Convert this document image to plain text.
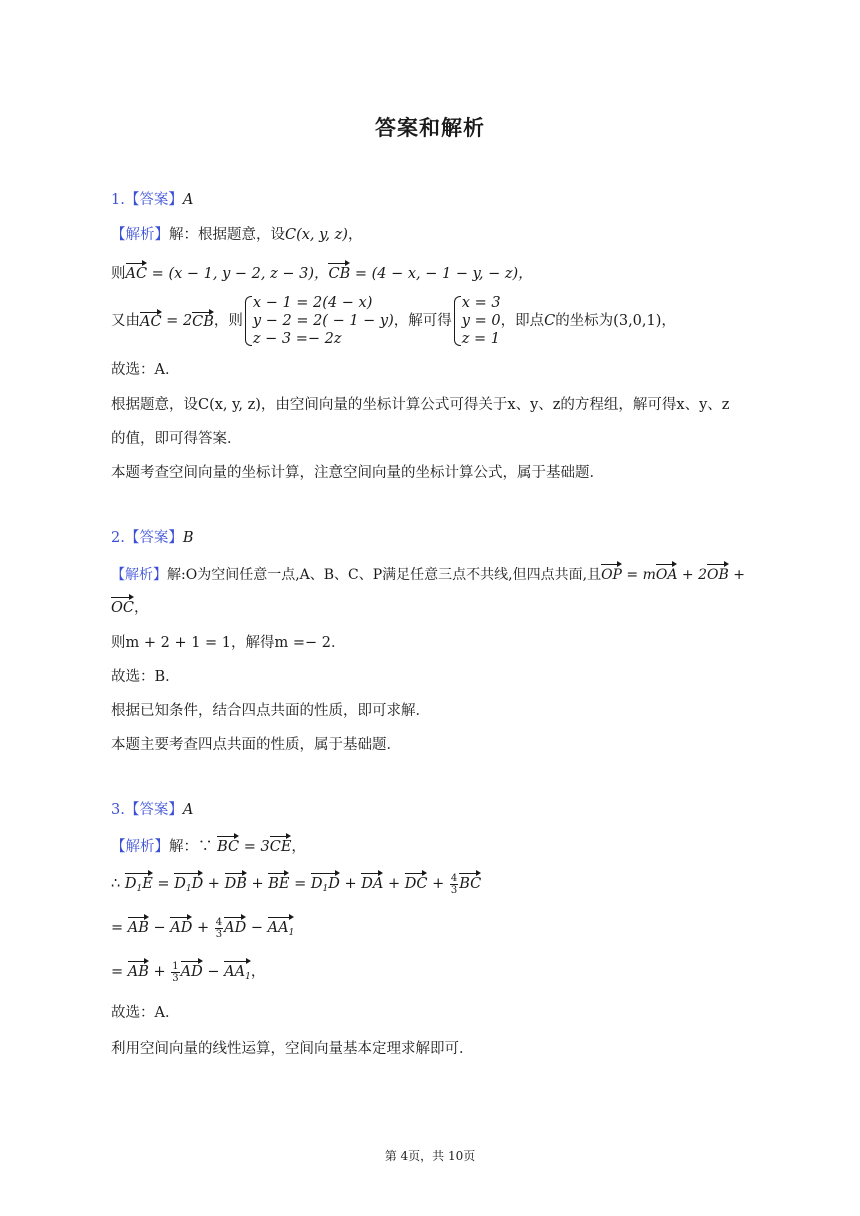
答案和解析
1.【答案】A
【解析】解：根据题意，设C(x, y, z)，
则AC = (x − 1, y − 2, z − 3)，CB = (4 − x, − 1 − y, − z)，
又由AC = 2CB，则
x − 1 = 2(4 − x)
y − 2 = 2( − 1 − y)
z − 3 =− 2z
，解可得
x = 3
y = 0
z = 1
，即点C的坐标为(3,0,1)，
故选：A．
根据题意，设C(x, y, z)，由空间向量的坐标计算公式可得关于x、y、z的方程组，解可得x、y、z
的值，即可得答案．
本题考查空间向量的坐标计算，注意空间向量的坐标计算公式，属于基础题．
2.【答案】B
【解析】解:O为空间任意一点,A、B、C、P满足任意三点不共线,但四点共面,且OP = mOA + 2OB +
OC，
则m + 2 + 1 = 1，解得m =− 2．
故选：B．
根据已知条件，结合四点共面的性质，即可求解．
本题主要考查四点共面的性质，属于基础题．
3.【答案】A
【解析】解：∵ BC = 3CE，
∴ $D_1E = D_1D$ + DB + BE = $D_1D$ + DA + DC + $\frac{4}{3}$ BC
= AB − AD + $\frac{4}{3}$ AD − $AA_1$
= AB + $\frac{1}{3}$ AD − $AA_1$，
故选：A．
利用空间向量的线性运算，空间向量基本定理求解即可．
第 4页，共 10页
